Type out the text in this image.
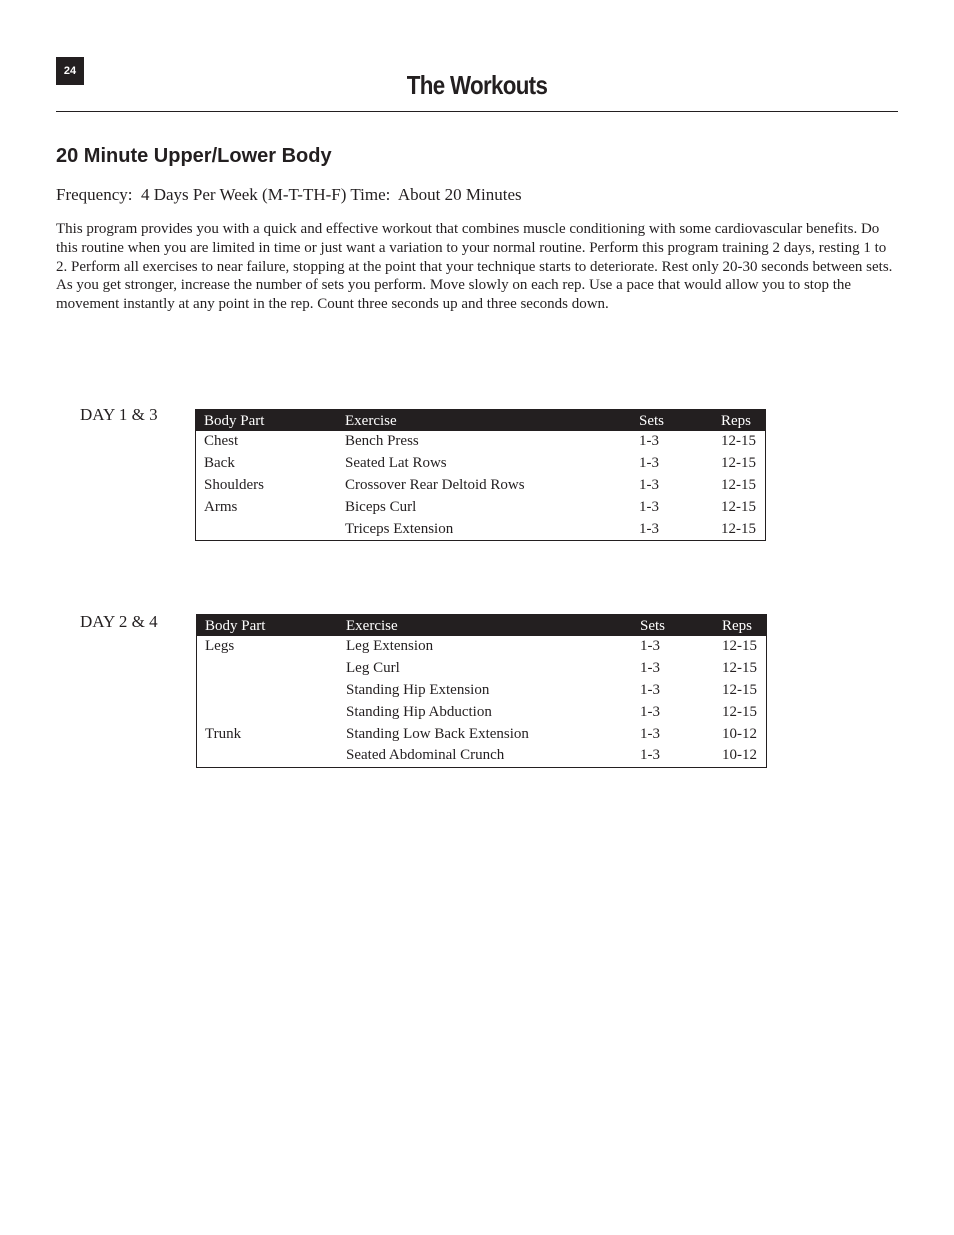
24	The Workouts
20 Minute Upper/Lower Body

Frequency:  4 Days Per Week (M-T-TH-F) Time:  About 20 Minutes

This program provides you with a quick and effective workout that combines muscle conditioning with some cardiovascular benefits. Do this routine when you are limited in time or just want a variation to your normal routine. Perform this program training 2 days, resting 1 to 2. Perform all exercises to near failure, stopping at the point that your technique starts to deteriorate. Rest only 20-30 seconds between sets. As you get stronger, increase the number of sets you perform. Move slowly on each rep. Use a pace that would allow you to stop the movement instantly at any point in the rep. Count three seconds up and three seconds down.

DAY 1 & 3	Body Part	Exercise	Sets	Reps
Chest	Bench Press	1-3	12-15
Back	Seated Lat Rows	1-3	12-15
Shoulders	Crossover Rear Deltoid Rows	1-3	12-15
Arms	Biceps Curl	1-3	12-15
	Triceps Extension	1-3	12-15

DAY 2 & 4	Body Part	Exercise	Sets	Reps
Legs	Leg Extension	1-3	12-15
	Leg Curl	1-3	12-15
	Standing Hip Extension	1-3	12-15
	Standing Hip Abduction	1-3	12-15
Trunk	Standing Low Back Extension	1-3	10-12
	Seated Abdominal Crunch	1-3	10-12
